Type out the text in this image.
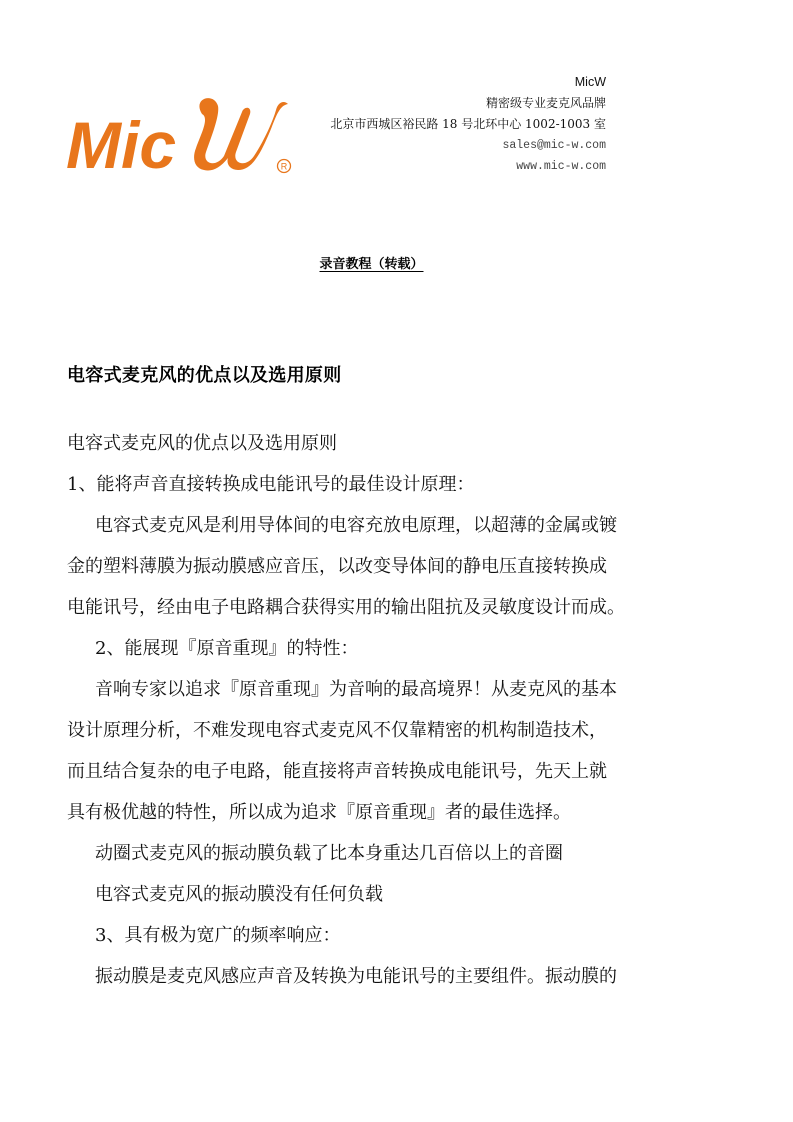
Mic	R
MicW
精密级专业麦克风品牌
北京市西城区裕民路 18 号北环中心 1002-1003 室
sales@mic-w.com
www.mic-w.com
录音教程（转载）
电容式麦克风的优点以及选用原则

电容式麦克风的优点以及选用原则

1、能将声音直接转换成电能讯号的最佳设计原理：

电容式麦克风是利用导体间的电容充放电原理，以超薄的金属或镀

金的塑料薄膜为振动膜感应音压，以改变导体间的静电压直接转换成

电能讯号，经由电子电路耦合获得实用的输出阻抗及灵敏度设计而成。

2、能展现『原音重现』的特性：

音响专家以追求『原音重现』为音响的最高境界！从麦克风的基本

设计原理分析，不难发现电容式麦克风不仅靠精密的机构制造技术，

而且结合复杂的电子电路，能直接将声音转换成电能讯号，先天上就

具有极优越的特性，所以成为追求『原音重现』者的最佳选择。

动圈式麦克风的振动膜负载了比本身重达几百倍以上的音圈

电容式麦克风的振动膜没有任何负载

3、具有极为宽广的频率响应：

振动膜是麦克风感应声音及转换为电能讯号的主要组件。振动膜的
